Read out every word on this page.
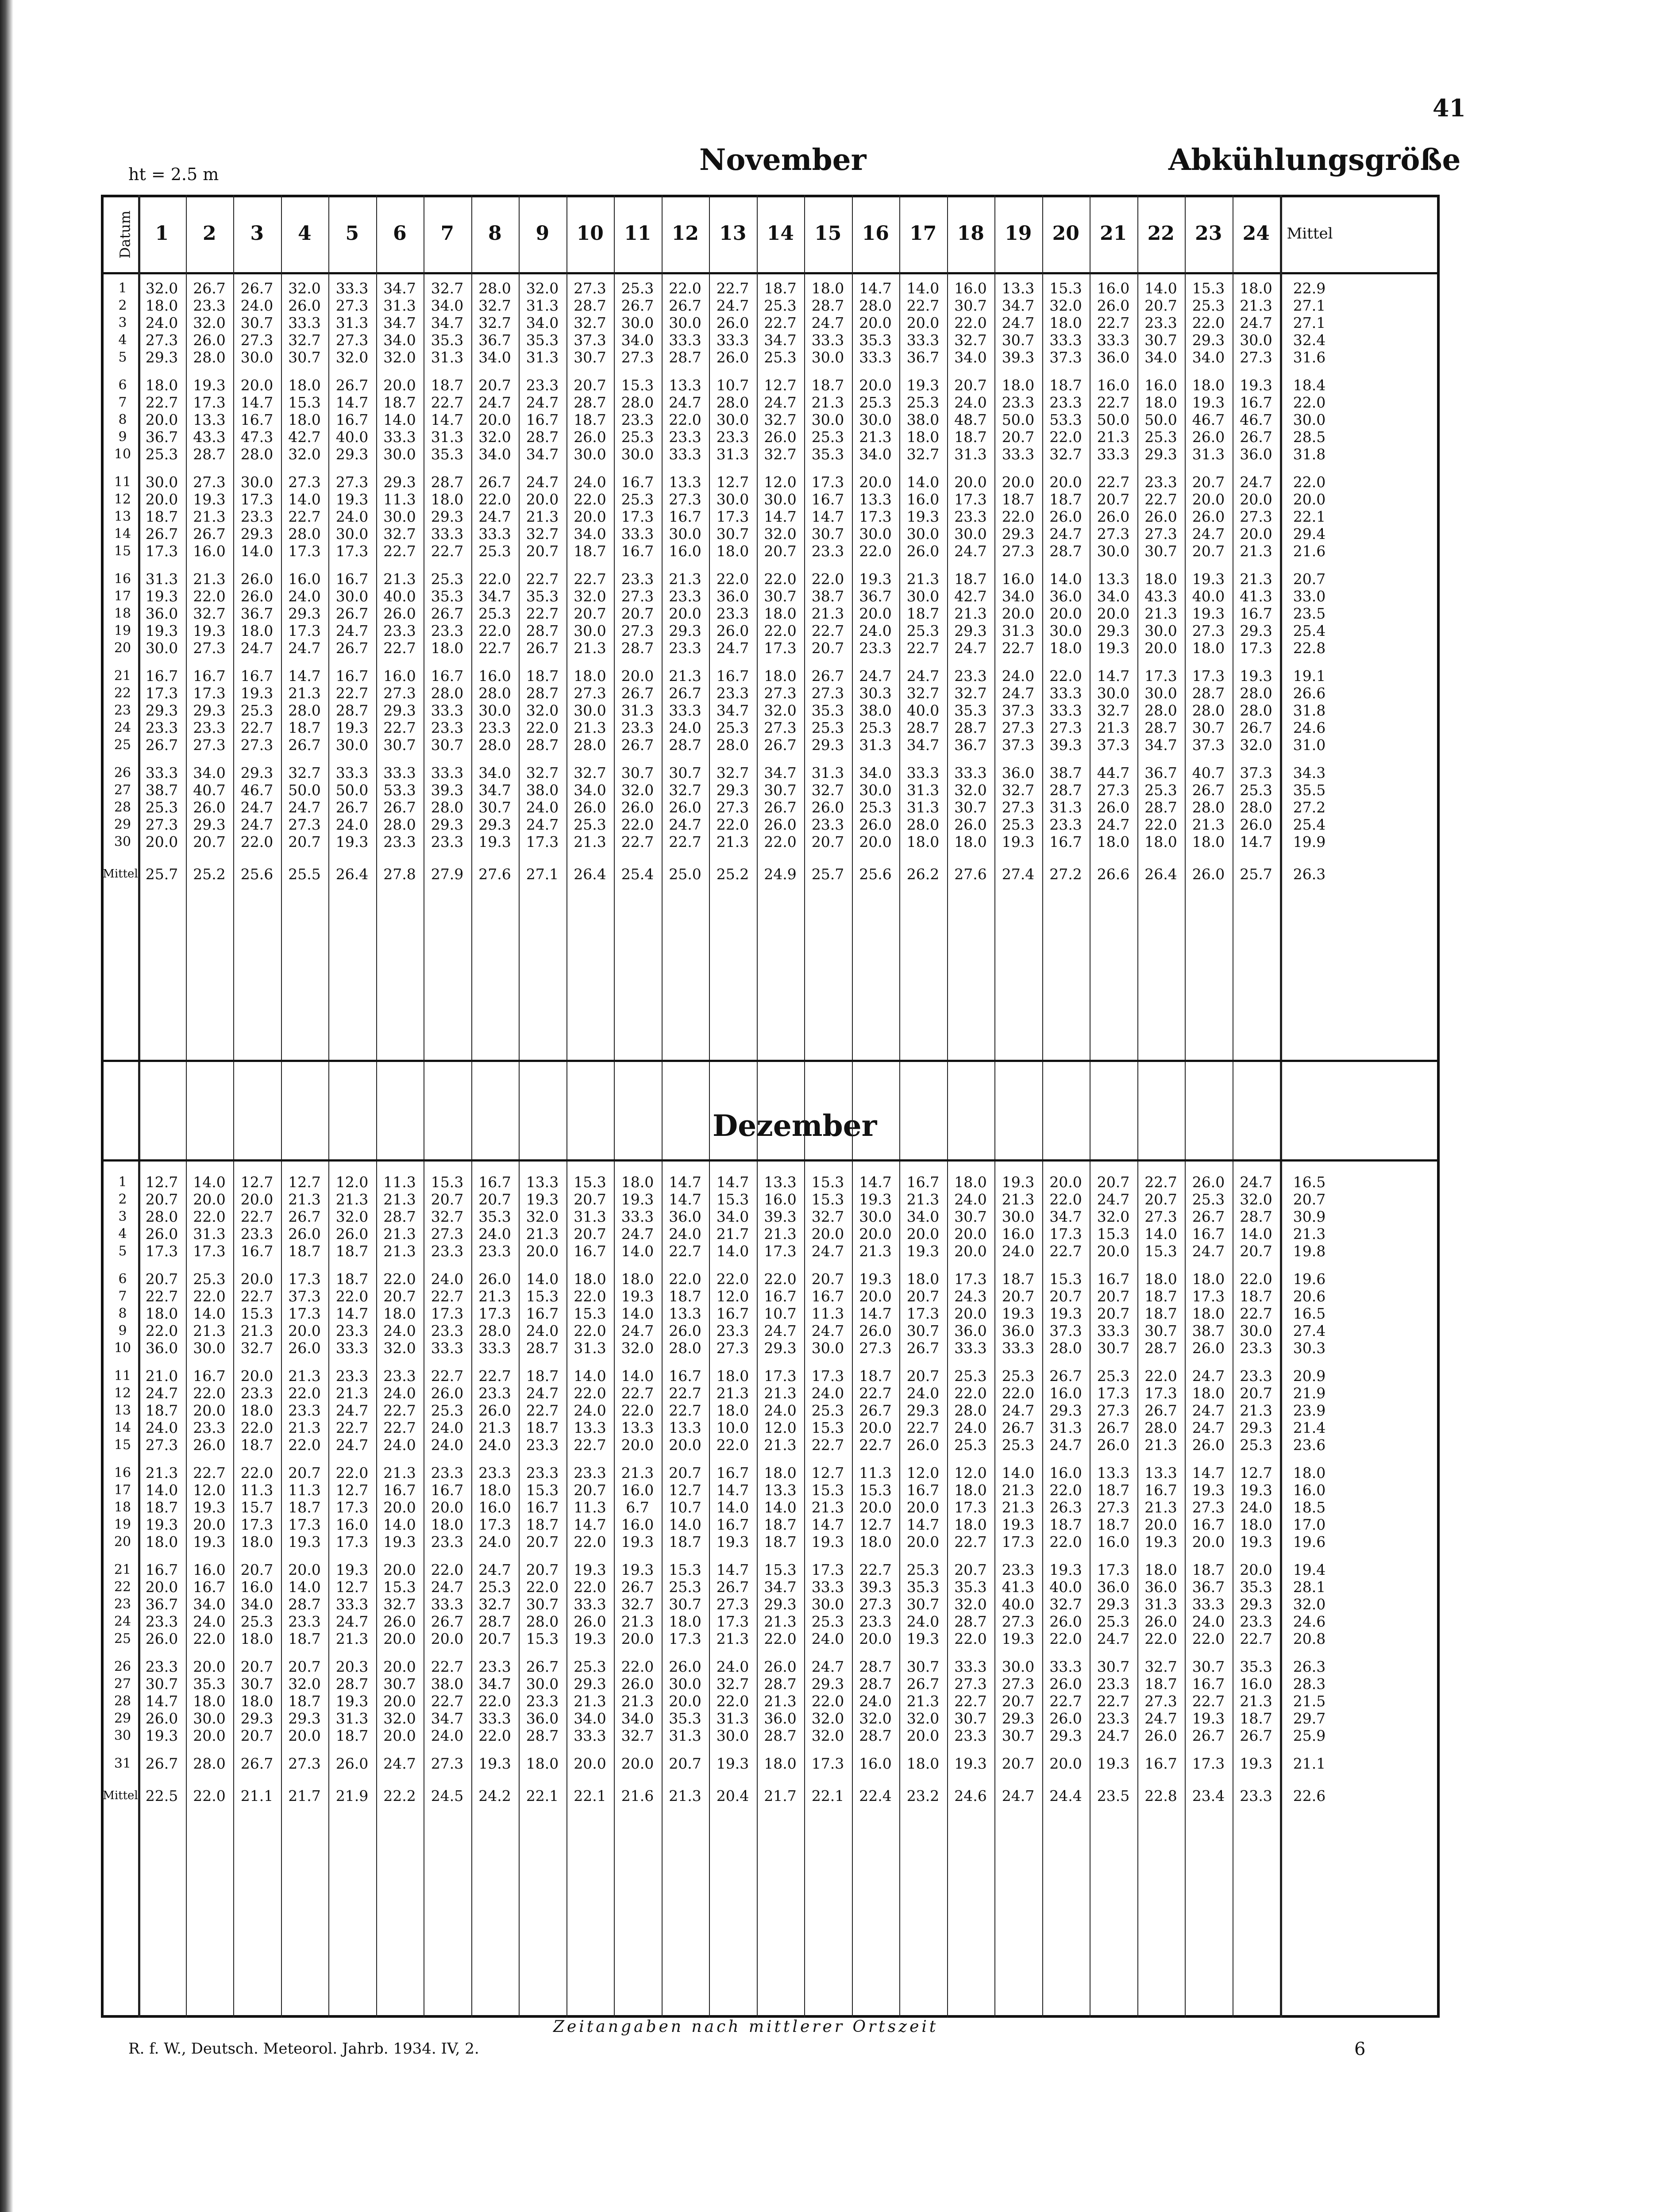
41
ht = 2.5 m	November	Abkühlungsgröße
Datum
Dezember
1	2	3	4	5	6	7	8	9	10	11	12	13	14	15	16	17	18	19	20	21	22	23	24	Mittel
1	32.0	26.7	26.7	32.0	33.3	34.7	32.7	28.0	32.0	27.3	25.3	22.0	22.7	18.7	18.0	14.7	14.0	16.0	13.3	15.3	16.0	14.0	15.3	18.0	22.9
2	18.0	23.3	24.0	26.0	27.3	31.3	34.0	32.7	31.3	28.7	26.7	26.7	24.7	25.3	28.7	28.0	22.7	30.7	34.7	32.0	26.0	20.7	25.3	21.3	27.1
3	24.0	32.0	30.7	33.3	31.3	34.7	34.7	32.7	34.0	32.7	30.0	30.0	26.0	22.7	24.7	20.0	20.0	22.0	24.7	18.0	22.7	23.3	22.0	24.7	27.1
4	27.3	26.0	27.3	32.7	27.3	34.0	35.3	36.7	35.3	37.3	34.0	33.3	33.3	34.7	33.3	35.3	33.3	32.7	30.7	33.3	33.3	30.7	29.3	30.0	32.4
5	29.3	28.0	30.0	30.7	32.0	32.0	31.3	34.0	31.3	30.7	27.3	28.7	26.0	25.3	30.0	33.3	36.7	34.0	39.3	37.3	36.0	34.0	34.0	27.3	31.6
6	18.0	19.3	20.0	18.0	26.7	20.0	18.7	20.7	23.3	20.7	15.3	13.3	10.7	12.7	18.7	20.0	19.3	20.7	18.0	18.7	16.0	16.0	18.0	19.3	18.4
7	22.7	17.3	14.7	15.3	14.7	18.7	22.7	24.7	24.7	28.7	28.0	24.7	28.0	24.7	21.3	25.3	25.3	24.0	23.3	23.3	22.7	18.0	19.3	16.7	22.0
8	20.0	13.3	16.7	18.0	16.7	14.0	14.7	20.0	16.7	18.7	23.3	22.0	30.0	32.7	30.0	30.0	38.0	48.7	50.0	53.3	50.0	50.0	46.7	46.7	30.0
9	36.7	43.3	47.3	42.7	40.0	33.3	31.3	32.0	28.7	26.0	25.3	23.3	23.3	26.0	25.3	21.3	18.0	18.7	20.7	22.0	21.3	25.3	26.0	26.7	28.5
10 25.3	28.7	28.0	32.0	29.3	30.0	35.3	34.0	34.7	30.0	30.0	33.3	31.3	32.7	35.3	34.0	32.7	31.3	33.3	32.7	33.3	29.3	31.3	36.0	31.8
11 30.0	27.3	30.0	27.3	27.3	29.3	28.7	26.7	24.7	24.0	16.7	13.3	12.7	12.0	17.3	20.0	14.0	20.0	20.0	20.0	22.7	23.3	20.7	24.7	22.0
12 20.0	19.3	17.3	14.0	19.3	11.3	18.0	22.0	20.0	22.0	25.3	27.3	30.0	30.0	16.7	13.3	16.0	17.3	18.7	18.7	20.7	22.7	20.0	20.0	20.0
13 18.7	21.3	23.3	22.7	24.0	30.0	29.3	24.7	21.3	20.0	17.3	16.7	17.3	14.7	14.7	17.3	19.3	23.3	22.0	26.0	26.0	26.0	26.0	27.3	22.1
14 26.7	26.7	29.3	28.0	30.0	32.7	33.3	33.3	32.7	34.0	33.3	30.0	30.7	32.0	30.7	30.0	30.0	30.0	29.3	24.7	27.3	27.3	24.7	20.0	29.4
15 17.3	16.0	14.0	17.3	17.3	22.7	22.7	25.3	20.7	18.7	16.7	16.0	18.0	20.7	23.3	22.0	26.0	24.7	27.3	28.7	30.0	30.7	20.7	21.3	21.6
16 31.3	21.3	26.0	16.0	16.7	21.3	25.3	22.0	22.7	22.7	23.3	21.3	22.0	22.0	22.0	19.3	21.3	18.7	16.0	14.0	13.3	18.0	19.3	21.3	20.7
17 19.3	22.0	26.0	24.0	30.0	40.0	35.3	34.7	35.3	32.0	27.3	23.3	36.0	30.7	38.7	36.7	30.0	42.7	34.0	36.0	34.0	43.3	40.0	41.3	33.0
18 36.0	32.7	36.7	29.3	26.7	26.0	26.7	25.3	22.7	20.7	20.7	20.0	23.3	18.0	21.3	20.0	18.7	21.3	20.0	20.0	20.0	21.3	19.3	16.7	23.5
19 19.3	19.3	18.0	17.3	24.7	23.3	23.3	22.0	28.7	30.0	27.3	29.3	26.0	22.0	22.7	24.0	25.3	29.3	31.3	30.0	29.3	30.0	27.3	29.3	25.4
20 30.0	27.3	24.7	24.7	26.7	22.7	18.0	22.7	26.7	21.3	28.7	23.3	24.7	17.3	20.7	23.3	22.7	24.7	22.7	18.0	19.3	20.0	18.0	17.3	22.8
21 16.7	16.7	16.7	14.7	16.7	16.0	16.7	16.0	18.7	18.0	20.0	21.3	16.7	18.0	26.7	24.7	24.7	23.3	24.0	22.0	14.7	17.3	17.3	19.3	19.1
22 17.3	17.3	19.3	21.3	22.7	27.3	28.0	28.0	28.7	27.3	26.7	26.7	23.3	27.3	27.3	30.3	32.7	32.7	24.7	33.3	30.0	30.0	28.7	28.0	26.6
23 29.3	29.3	25.3	28.0	28.7	29.3	33.3	30.0	32.0	30.0	31.3	33.3	34.7	32.0	35.3	38.0	40.0	35.3	37.3	33.3	32.7	28.0	28.0	28.0	31.8
24 23.3	23.3	22.7	18.7	19.3	22.7	23.3	23.3	22.0	21.3	23.3	24.0	25.3	27.3	25.3	25.3	28.7	28.7	27.3	27.3	21.3	28.7	30.7	26.7	24.6
25 26.7	27.3	27.3	26.7	30.0	30.7	30.7	28.0	28.7	28.0	26.7	28.7	28.0	26.7	29.3	31.3	34.7	36.7	37.3	39.3	37.3	34.7	37.3	32.0	31.0
26 33.3	34.0	29.3	32.7	33.3	33.3	33.3	34.0	32.7	32.7	30.7	30.7	32.7	34.7	31.3	34.0	33.3	33.3	36.0	38.7	44.7	36.7	40.7	37.3	34.3
27 38.7	40.7	46.7	50.0	50.0	53.3	39.3	34.7	38.0	34.0	32.0	32.7	29.3	30.7	32.7	30.0	31.3	32.0	32.7	28.7	27.3	25.3	26.7	25.3	35.5
28 25.3	26.0	24.7	24.7	26.7	26.7	28.0	30.7	24.0	26.0	26.0	26.0	27.3	26.7	26.0	25.3	31.3	30.7	27.3	31.3	26.0	28.7	28.0	28.0	27.2
29 27.3	29.3	24.7	27.3	24.0	28.0	29.3	29.3	24.7	25.3	22.0	24.7	22.0	26.0	23.3	26.0	28.0	26.0	25.3	23.3	24.7	22.0	21.3	26.0	25.4
30 20.0	20.7	22.0	20.7	19.3	23.3	23.3	19.3	17.3	21.3	22.7	22.7	21.3	22.0	20.7	20.0	18.0	18.0	19.3	16.7	18.0	18.0	18.0	14.7	19.9
Mittel 25.7	25.2	25.6	25.5	26.4	27.8	27.9	27.6	27.1	26.4	25.4	25.0	25.2	24.9	25.7	25.6	26.2	27.6	27.4	27.2	26.6	26.4	26.0	25.7	26.3
1	12.7	14.0	12.7	12.7	12.0	11.3	15.3	16.7	13.3	15.3	18.0	14.7	14.7	13.3	15.3	14.7	16.7	18.0	19.3	20.0	20.7	22.7	26.0	24.7	16.5
2	20.7	20.0	20.0	21.3	21.3	21.3	20.7	20.7	19.3	20.7	19.3	14.7	15.3	16.0	15.3	19.3	21.3	24.0	21.3	22.0	24.7	20.7	25.3	32.0	20.7
3	28.0	22.0	22.7	26.7	32.0	28.7	32.7	35.3	32.0	31.3	33.3	36.0	34.0	39.3	32.7	30.0	34.0	30.7	30.0	34.7	32.0	27.3	26.7	28.7	30.9
4	26.0	31.3	23.3	26.0	26.0	21.3	27.3	24.0	21.3	20.7	24.7	24.0	21.7	21.3	20.0	20.0	20.0	20.0	16.0	17.3	15.3	14.0	16.7	14.0	21.3
5	17.3	17.3	16.7	18.7	18.7	21.3	23.3	23.3	20.0	16.7	14.0	22.7	14.0	17.3	24.7	21.3	19.3	20.0	24.0	22.7	20.0	15.3	24.7	20.7	19.8
6	20.7	25.3	20.0	17.3	18.7	22.0	24.0	26.0	14.0	18.0	18.0	22.0	22.0	22.0	20.7	19.3	18.0	17.3	18.7	15.3	16.7	18.0	18.0	22.0	19.6
7	22.7	22.0	22.7	37.3	22.0	20.7	22.7	21.3	15.3	22.0	19.3	18.7	12.0	16.7	16.7	20.0	20.7	24.3	20.7	20.7	20.7	18.7	17.3	18.7	20.6
8	18.0	14.0	15.3	17.3	14.7	18.0	17.3	17.3	16.7	15.3	14.0	13.3	16.7	10.7	11.3	14.7	17.3	20.0	19.3	19.3	20.7	18.7	18.0	22.7	16.5
9	22.0	21.3	21.3	20.0	23.3	24.0	23.3	28.0	24.0	22.0	24.7	26.0	23.3	24.7	24.7	26.0	30.7	36.0	36.0	37.3	33.3	30.7	38.7	30.0	27.4
10 36.0	30.0	32.7	26.0	33.3	32.0	33.3	33.3	28.7	31.3	32.0	28.0	27.3	29.3	30.0	27.3	26.7	33.3	33.3	28.0	30.7	28.7	26.0	23.3	30.3
11 21.0	16.7	20.0	21.3	23.3	23.3	22.7	22.7	18.7	14.0	14.0	16.7	18.0	17.3	17.3	18.7	20.7	25.3	25.3	26.7	25.3	22.0	24.7	23.3	20.9
12 24.7	22.0	23.3	22.0	21.3	24.0	26.0	23.3	24.7	22.0	22.7	22.7	21.3	21.3	24.0	22.7	24.0	22.0	22.0	16.0	17.3	17.3	18.0	20.7	21.9
13 18.7	20.0	18.0	23.3	24.7	22.7	25.3	26.0	22.7	24.0	22.0	22.7	18.0	24.0	25.3	26.7	29.3	28.0	24.7	29.3	27.3	26.7	24.7	21.3	23.9
14 24.0	23.3	22.0	21.3	22.7	22.7	24.0	21.3	18.7	13.3	13.3	13.3	10.0	12.0	15.3	20.0	22.7	24.0	26.7	31.3	26.7	28.0	24.7	29.3	21.4
15 27.3	26.0	18.7	22.0	24.7	24.0	24.0	24.0	23.3	22.7	20.0	20.0	22.0	21.3	22.7	22.7	26.0	25.3	25.3	24.7	26.0	21.3	26.0	25.3	23.6
16 21.3	22.7	22.0	20.7	22.0	21.3	23.3	23.3	23.3	23.3	21.3	20.7	16.7	18.0	12.7	11.3	12.0	12.0	14.0	16.0	13.3	13.3	14.7	12.7	18.0
17 14.0	12.0	11.3	11.3	12.7	16.7	16.7	18.0	15.3	20.7	16.0	12.7	14.7	13.3	15.3	15.3	16.7	18.0	21.3	22.0	18.7	16.7	19.3	19.3	16.0
18 18.7	19.3	15.7	18.7	17.3	20.0	20.0	16.0	16.7	11.3	6.7	10.7	14.0	14.0	21.3	20.0	20.0	17.3	21.3	26.3	27.3	21.3	27.3	24.0	18.5
19 19.3	20.0	17.3	17.3	16.0	14.0	18.0	17.3	18.7	14.7	16.0	14.0	16.7	18.7	14.7	12.7	14.7	18.0	19.3	18.7	18.7	20.0	16.7	18.0	17.0
20 18.0	19.3	18.0	19.3	17.3	19.3	23.3	24.0	20.7	22.0	19.3	18.7	19.3	18.7	19.3	18.0	20.0	22.7	17.3	22.0	16.0	19.3	20.0	19.3	19.6
21 16.7	16.0	20.7	20.0	19.3	20.0	22.0	24.7	20.7	19.3	19.3	15.3	14.7	15.3	17.3	22.7	25.3	20.7	23.3	19.3	17.3	18.0	18.7	20.0	19.4
22 20.0	16.7	16.0	14.0	12.7	15.3	24.7	25.3	22.0	22.0	26.7	25.3	26.7	34.7	33.3	39.3	35.3	35.3	41.3	40.0	36.0	36.0	36.7	35.3	28.1
23 36.7	34.0	34.0	28.7	33.3	32.7	33.3	32.7	30.7	33.3	32.7	30.7	27.3	29.3	30.0	27.3	30.7	32.0	40.0	32.7	29.3	31.3	33.3	29.3	32.0
24 23.3	24.0	25.3	23.3	24.7	26.0	26.7	28.7	28.0	26.0	21.3	18.0	17.3	21.3	25.3	23.3	24.0	28.7	27.3	26.0	25.3	26.0	24.0	23.3	24.6
25 26.0	22.0	18.0	18.7	21.3	20.0	20.0	20.7	15.3	19.3	20.0	17.3	21.3	22.0	24.0	20.0	19.3	22.0	19.3	22.0	24.7	22.0	22.0	22.7	20.8
26 23.3	20.0	20.7	20.7	20.3	20.0	22.7	23.3	26.7	25.3	22.0	26.0	24.0	26.0	24.7	28.7	30.7	33.3	30.0	33.3	30.7	32.7	30.7	35.3	26.3
27 30.7	35.3	30.7	32.0	28.7	30.7	38.0	34.7	30.0	29.3	26.0	30.0	32.7	28.7	29.3	28.7	26.7	27.3	27.3	26.0	23.3	18.7	16.7	16.0	28.3
28 14.7	18.0	18.0	18.7	19.3	20.0	22.7	22.0	23.3	21.3	21.3	20.0	22.0	21.3	22.0	24.0	21.3	22.7	20.7	22.7	22.7	27.3	22.7	21.3	21.5
29 26.0	30.0	29.3	29.3	31.3	32.0	34.7	33.3	36.0	34.0	34.0	35.3	31.3	36.0	32.0	32.0	32.0	30.7	29.3	26.0	23.3	24.7	19.3	18.7	29.7
30 19.3	20.0	20.7	20.0	18.7	20.0	24.0	22.0	28.7	33.3	32.7	31.3	30.0	28.7	32.0	28.7	20.0	23.3	30.7	29.3	24.7	26.0	26.7	26.7	25.9
31 26.7	28.0	26.7	27.3	26.0	24.7	27.3	19.3	18.0	20.0	20.0	20.7	19.3	18.0	17.3	16.0	18.0	19.3	20.7	20.0	19.3	16.7	17.3	19.3	21.1
Mittel 22.5	22.0	21.1	21.7	21.9	22.2	24.5	24.2	22.1	22.1	21.6	21.3	20.4	21.7	22.1	22.4	23.2	24.6	24.7	24.4	23.5	22.8	23.4	23.3	22.6
Zeitangaben nach mittlerer Ortszeit
R. f. W., Deutsch. Meteorol. Jahrb. 1934. IV, 2.	6
